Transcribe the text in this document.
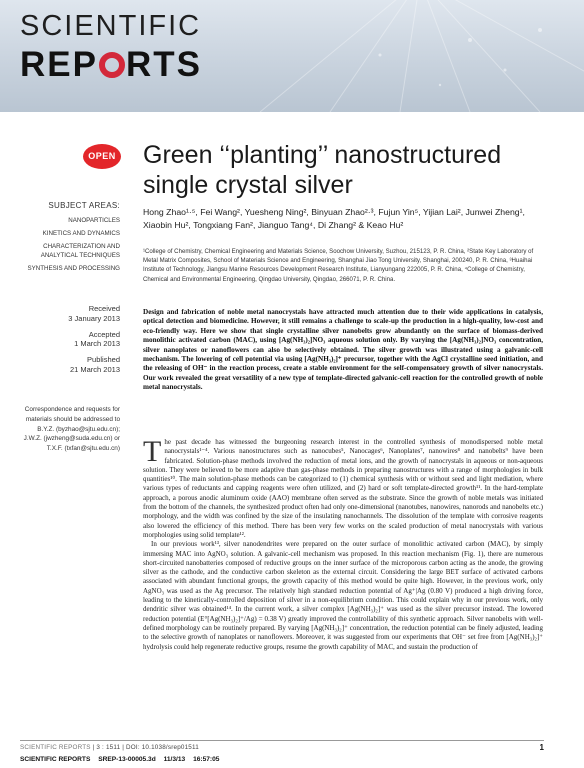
SCIENTIFIC
REP RTS
OPEN Green ‘‘planting’’ nanostructured single crystal silver
Hong Zhao¹·⁵, Fei Wang², Yuesheng Ning², Binyuan Zhao²·³, Fujun Yin⁵, Yijian Lai², Junwei Zheng¹, Xiaobin Hu², Tongxiang Fan², Jianguo Tang⁴, Di Zhang² & Keao Hu²
¹College of Chemistry, Chemical Engineering and Materials Science, Soochow University, Suzhou, 215123, P. R. China, ²State Key Laboratory of Metal Matrix Composites, School of Materials Science and Engineering, Shanghai Jiao Tong University, Shanghai, 200240, P. R. China, ³Huaihai Institute of Technology, Jiangsu Marine Resources Development Research Institute, Lianyungang 222005, P. R. China, ⁴College of Chemistry, Chemical and Environmental Engineering, Qingdao University, Qingdao, 266071, P. R. China.
SUBJECT AREAS:
NANOPARTICLES
KINETICS AND DYNAMICS
CHARACTERIZATION AND ANALYTICAL TECHNIQUES
SYNTHESIS AND PROCESSING
Received
3 January 2013
Accepted
1 March 2013
Published
21 March 2013
Correspondence and requests for materials should be addressed to B.Y.Z. (byzhao@sjtu.edu.cn); J.W.Z. (jwzheng@suda.edu.cn) or T.X.F. (txfan@sjtu.edu.cn)

Design and fabrication of noble metal nanocrystals have attracted much attention due to their wide applications in catalysis, optical detection and biomedicine. However, it still remains a challenge to scale-up the production in a high-quality, low-cost and eco-friendly way. Here we show that single crystalline silver nanobelts grow abundantly on the surface of biomass-derived monolithic activated carbon (MAC), using [Ag(NH₃)₂]NO₃ aqueous solution only. By varying the [Ag(NH₃)₂]NO₃ concentration, silver nanoplates or nanoflowers can also be selectively obtained. The silver growth was illustrated using a galvanic-cell mechanism. The lowering of cell potential via using [Ag(NH₃)₂]⁺ precursor, together with the AgCl crystalline seed initiation, and the releasing of OH⁻ in the reaction process, create a stable environment for the self-compensatory growth of silver nanocrystals. Our work revealed the great versatility of a new type of template-directed galvanic-cell reaction for the controlled growth of noble metal nanocrystals.

The past decade has witnessed the burgeoning research interest in the controlled synthesis of monodispersed noble metal nanocrystals¹⁻⁴. Various nanostructures such as nanocubes⁵, Nanocages⁶, Nanoplates⁷, nanowires⁸ and nanobelts⁹ have been fabricated. Solution-phase methods involved the reduction of metal ions, and the growth of nanocrystals in aqueous or non-aqueous solution. They were believed to be more adaptive than gas-phase methods in preparing nanostructures with a range of morphologies in bulk quantities¹⁰. The main solution-phase methods can be categorized to (1) chemical synthesis with or without seed and light mediation, where various types of reductants and capping reagents were often utilized, and (2) hard or soft template-directed growth¹¹. In the hard-template approach, a porous anodic aluminum oxide (AAO) membrane often served as the substrate. Since the growth of noble metals was initiated from the bottom of the channels, the synthesized product often had only one-dimensional (nanotubes, nanowires, nanorods and nanobelts etc.) morphology, and the width was confined by the size of the insulating nanochannels. The dissolution of the template with corrosive reagents also lowered the efficiency of this method. There has been very few works on the scaled production of metal nanocrystals with various morphologies using solid template¹².

In our previous work¹³, silver nanodendrites were prepared on the outer surface of monolithic activated carbon (MAC), by simply immersing MAC into AgNO₃ solution. A galvanic-cell mechanism was proposed. In this reaction mechanism (Fig. 1), there are numerous short-circuited nanobatteries composed of reductive groups on the inner surface of the microporous carbon acting as the anode, the growing silver as the cathode, and the conductive carbon skeleton as the external circuit. Considering the large BET surface of activated carbons associated with abundant functional groups, the growth capacity of this method would be quite high. However, in the previous work, only AgNO₃ was used as the Ag precursor. The relatively high standard reduction potential of Ag⁺|Ag (0.80 V) produced a high driving force, leading to the kinetically-controlled deposition of silver in a non-equilibrium condition. This could explain why in our previous work, only dendritic silver was obtained¹⁴. In the current work, a silver complex [Ag(NH₃)₂]⁺ was used as the silver precursor instead. The lowered reduction potential (E°[Ag(NH₃)₂]⁺/Ag) = 0.38 V) greatly improved the controllability of this synthetic approach. Silver nanobelts with well-defined morphology can be routinely prepared. By varying [Ag(NH₃)₂]⁺ concentration, the reduction potential can be finely adjusted, leading to the selective growth of nanoplates or nanoflowers. Moreover, it was suggested from our experiments that OH⁻ set free from [Ag(NH₃)₂]⁺ hydrolysis could help regenerate reductive groups, resume the growth capability of MAC, and sustain the production of

SCIENTIFIC REPORTS | 3 : 1511 | DOI: 10.1038/srep01511	1
SCIENTIFIC REPORTS SREP-13-00005.3d 11/3/13 16:57:05
